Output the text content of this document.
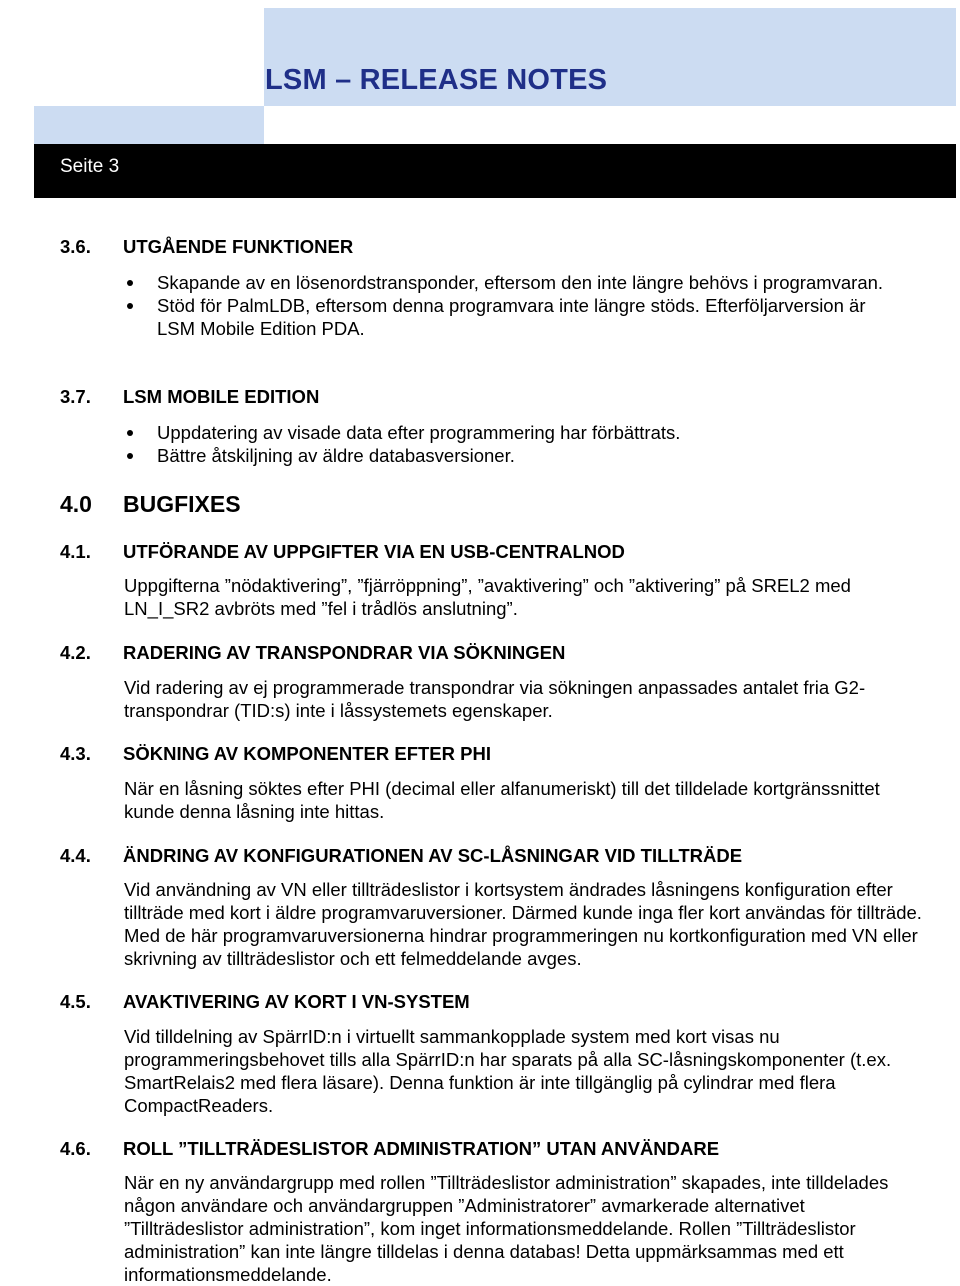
LSM – RELEASE NOTES
Seite 3
3.6. UTGÅENDE FUNKTIONER
Skapande av en lösenordstransponder, eftersom den inte längre behövs i programvaran.
Stöd för PalmLDB, eftersom denna programvara inte längre stöds. Efterföljarversion är LSM Mobile Edition PDA.
3.7. LSM MOBILE EDITION
Uppdatering av visade data efter programmering har förbättrats.
Bättre åtskiljning av äldre databasversioner.
4.0 BUGFIXES
4.1. UTFÖRANDE AV UPPGIFTER VIA EN USB-CENTRALNOD

Uppgifterna ”nödaktivering”, ”fjärröppning”, ”avaktivering” och ”aktivering” på SREL2 med LN_I_SR2 avbröts med ”fel i trådlös anslutning”.

4.2. RADERING AV TRANSPONDRAR VIA SÖKNINGEN

Vid radering av ej programmerade transpondrar via sökningen anpassades antalet fria G2-transpondrar (TID:s) inte i låssystemets egenskaper.

4.3. SÖKNING AV KOMPONENTER EFTER PHI

När en låsning söktes efter PHI (decimal eller alfanumeriskt) till det tilldelade kortgränssnittet kunde denna låsning inte hittas.

4.4. ÄNDRING AV KONFIGURATIONEN AV SC-LÅSNINGAR VID TILLTRÄDE

Vid användning av VN eller tillträdeslistor i kortsystem ändrades låsningens konfiguration efter tillträde med kort i äldre programvaruversioner. Därmed kunde inga fler kort användas för tillträde. Med de här programvaruversionerna hindrar programmeringen nu kortkonfiguration med VN eller skrivning av tillträdeslistor och ett felmeddelande avges.

4.5. AVAKTIVERING AV KORT I VN-SYSTEM

Vid tilldelning av SpärrID:n i virtuellt sammankopplade system med kort visas nu programmeringsbehovet tills alla SpärrID:n har sparats på alla SC-låsningskomponenter (t.ex. SmartRelais2 med flera läsare). Denna funktion är inte tillgänglig på cylindrar med flera CompactReaders.

4.6. ROLL ”TILLTRÄDESLISTOR ADMINISTRATION” UTAN ANVÄNDARE

När en ny användargrupp med rollen ”Tillträdeslistor administration” skapades, inte tilldelades någon användare och användargruppen ”Administratorer” avmarkerade alternativet ”Tillträdeslistor administration”, kom inget informationsmeddelande. Rollen ”Tillträdeslistor administration” kan inte längre tilldelas i denna databas! Detta uppmärksammas med ett informationsmeddelande.
